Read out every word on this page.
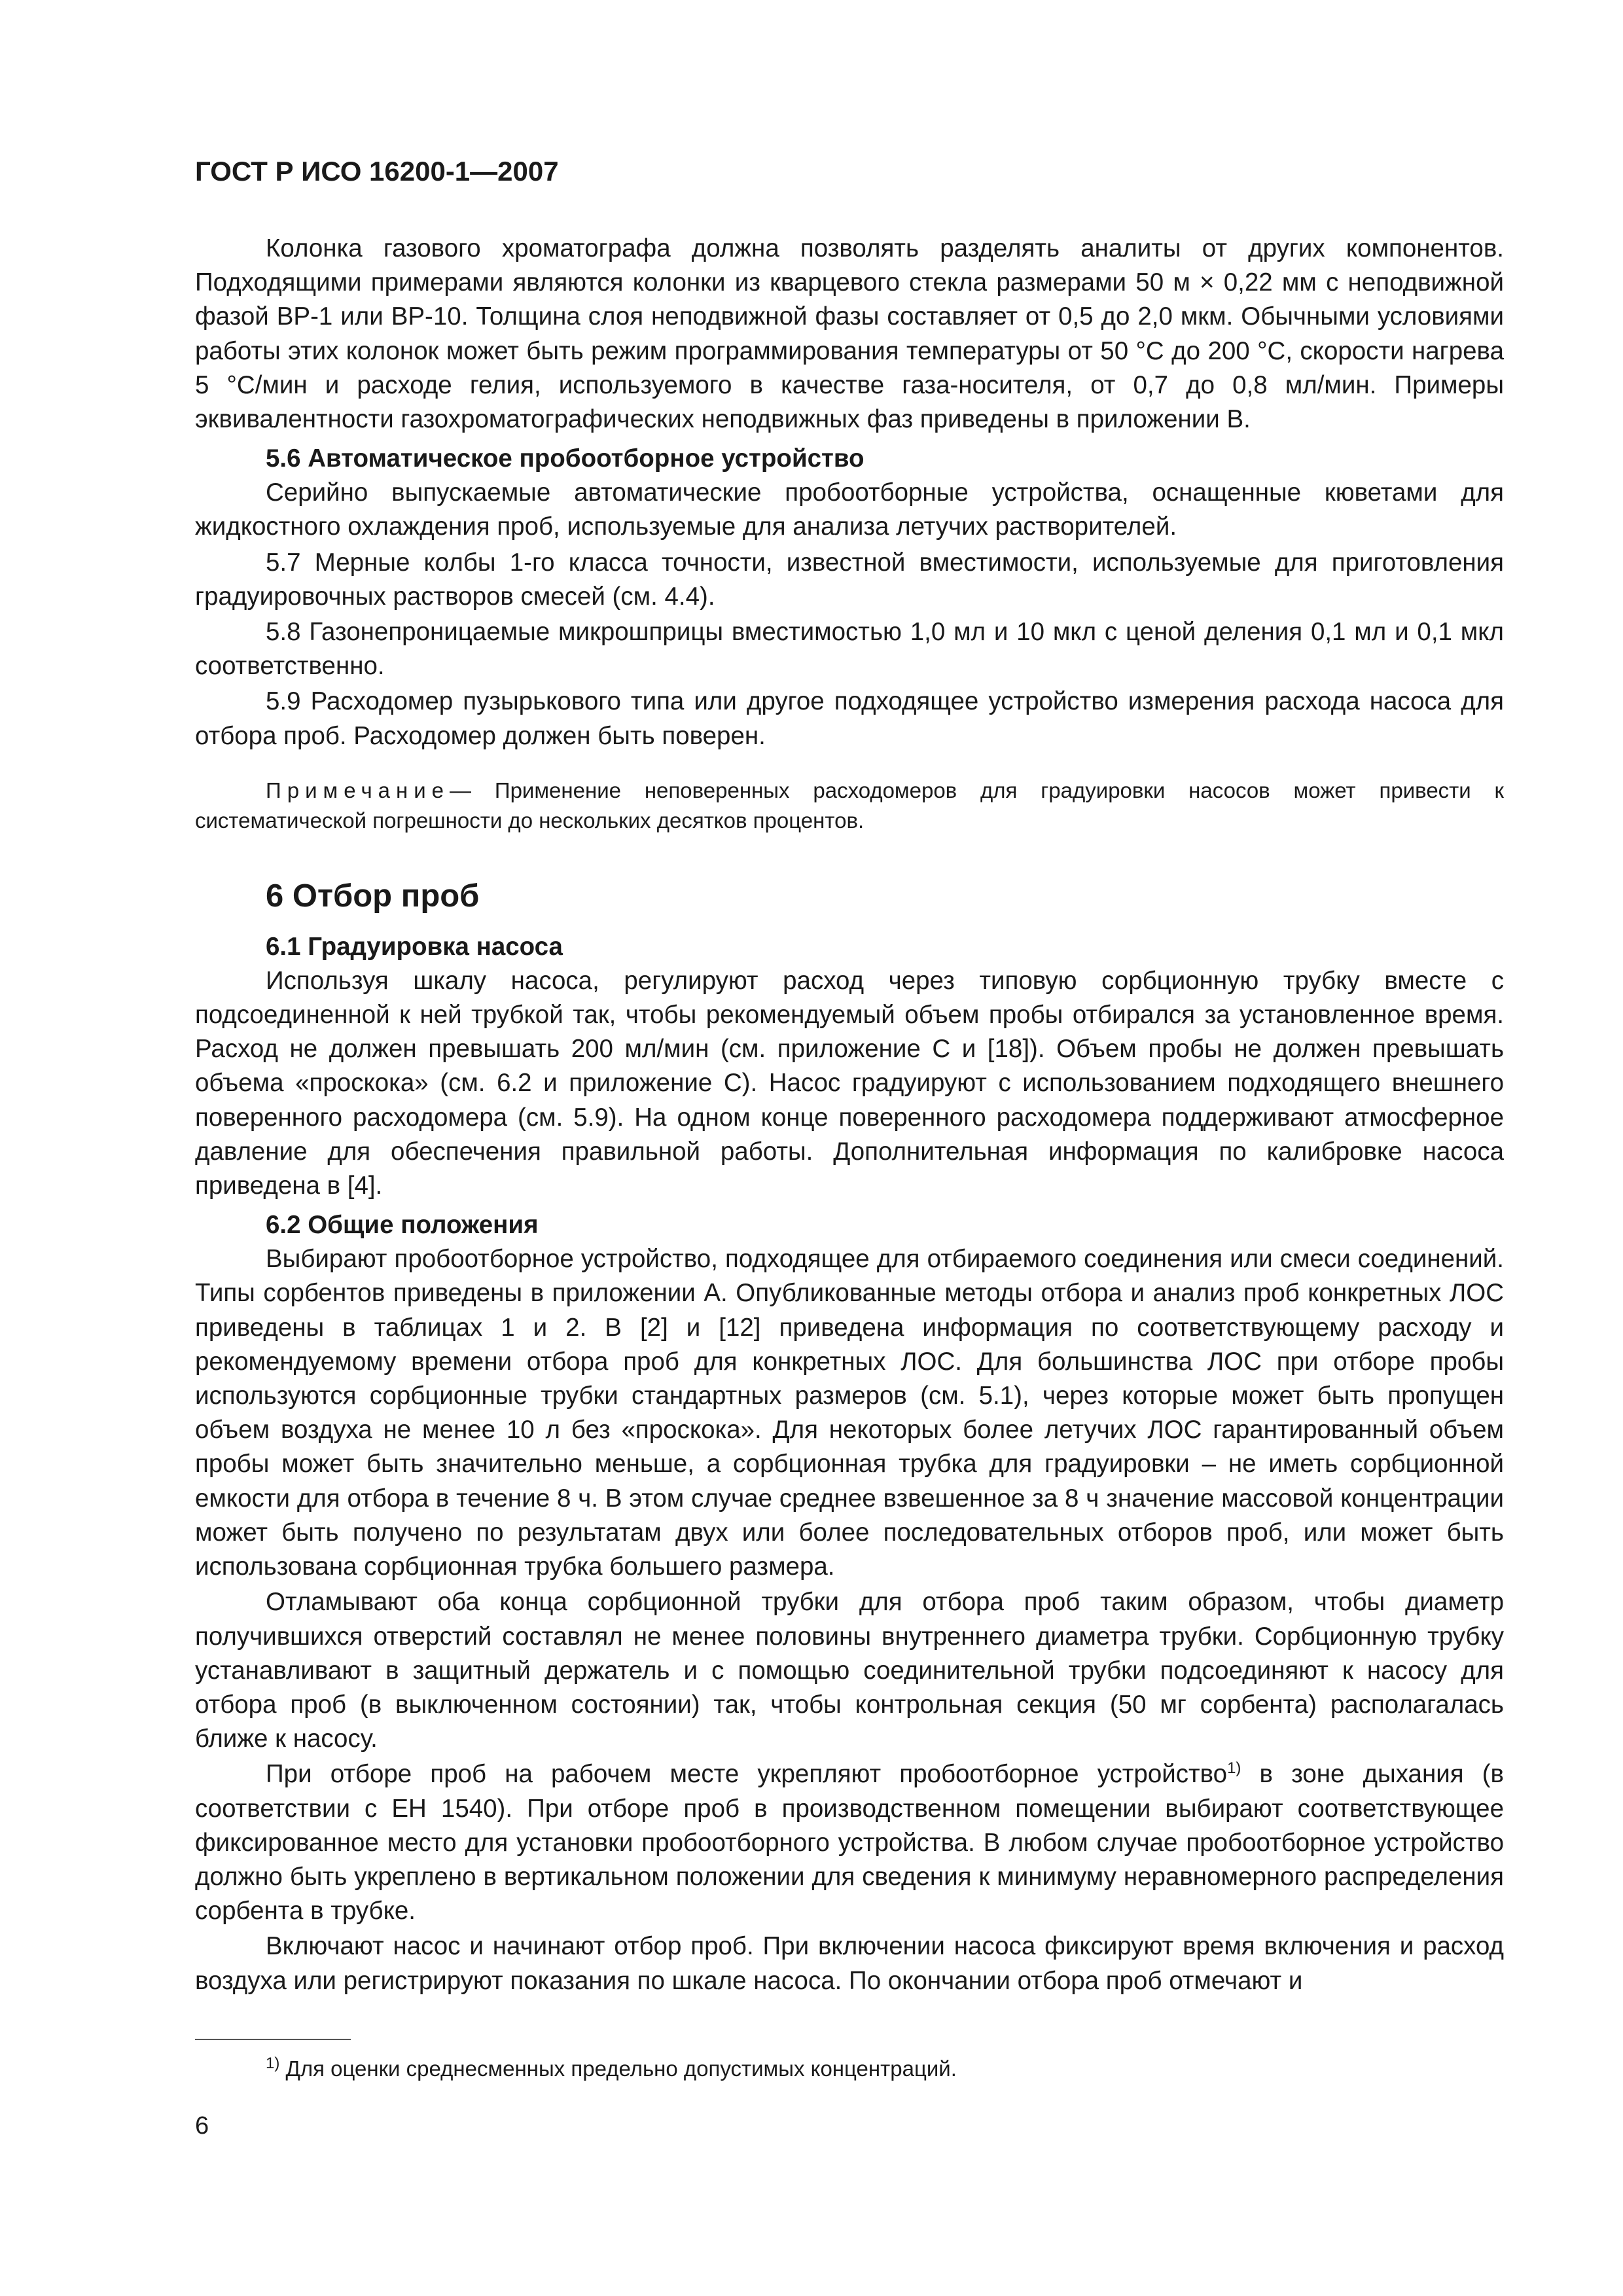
ГОСТ Р ИСО 16200-1—2007

Колонка газового хроматографа должна позволять разделять аналиты от других компонентов. Подходящими примерами являются колонки из кварцевого стекла размерами 50 м × 0,22 мм с неподвижной фазой ВР-1 или ВР-10. Толщина слоя неподвижной фазы составляет от 0,5 до 2,0 мкм. Обычными условиями работы этих колонок может быть режим программирования температуры от 50 °С до 200 °С, скорости нагрева 5 °С/мин и расходе гелия, используемого в качестве газа-носителя, от 0,7 до 0,8 мл/мин. Примеры эквивалентности газохроматографических неподвижных фаз приведены в приложении В.

5.6 Автоматическое пробоотборное устройство

Серийно выпускаемые автоматические пробоотборные устройства, оснащенные кюветами для жидкостного охлаждения проб, используемые для анализа летучих растворителей.

5.7 Мерные колбы 1-го класса точности, известной вместимости, используемые для приготовления градуировочных растворов смесей (см. 4.4).

5.8 Газонепроницаемые микрошприцы вместимостью 1,0 мл и 10 мкл с ценой деления 0,1 мл и 0,1 мкл соответственно.

5.9 Расходомер пузырькового типа или другое подходящее устройство измерения расхода насоса для отбора проб. Расходомер должен быть поверен.

Примечание— Применение неповеренных расходомеров для градуировки насосов может привести к систематической погрешности до нескольких десятков процентов.

6 Отбор проб
6.1 Градуировка насоса

Используя шкалу насоса, регулируют расход через типовую сорбционную трубку вместе с подсоединенной к ней трубкой так, чтобы рекомендуемый объем пробы отбирался за установленное время. Расход не должен превышать 200 мл/мин (см. приложение С и [18]). Объем пробы не должен превышать объема «проскока» (см. 6.2 и приложение С). Насос градуируют с использованием подходящего внешнего поверенного расходомера (см. 5.9). На одном конце поверенного расходомера поддерживают атмосферное давление для обеспечения правильной работы. Дополнительная информация по калибровке насоса приведена в [4].

6.2 Общие положения

Выбирают пробоотборное устройство, подходящее для отбираемого соединения или смеси соединений. Типы сорбентов приведены в приложении А. Опубликованные методы отбора и анализ проб конкретных ЛОС приведены в таблицах 1 и 2. В [2] и [12] приведена информация по соответствующему расходу и рекомендуемому времени отбора проб для конкретных ЛОС. Для большинства ЛОС при отборе пробы используются сорбционные трубки стандартных размеров (см. 5.1), через которые может быть пропущен объем воздуха не менее 10 л без «проскока». Для некоторых более летучих ЛОС гарантированный объем пробы может быть значительно меньше, а сорбционная трубка для градуировки – не иметь сорбционной емкости для отбора в течение 8 ч. В этом случае среднее взвешенное за 8 ч значение массовой концентрации может быть получено по результатам двух или более последовательных отборов проб, или может быть использована сорбционная трубка большего размера.

Отламывают оба конца сорбционной трубки для отбора проб таким образом, чтобы диаметр получившихся отверстий составлял не менее половины внутреннего диаметра трубки. Сорбционную трубку устанавливают в защитный держатель и с помощью соединительной трубки подсоединяют к насосу для отбора проб (в выключенном состоянии) так, чтобы контрольная секция (50 мг сорбента) располагалась ближе к насосу.

При отборе проб на рабочем месте укрепляют пробоотборное устройство$^{1)}$ в зоне дыхания (в соответствии с ЕН 1540). При отборе проб в производственном помещении выбирают соответствующее фиксированное место для установки пробоотборного устройства. В любом случае пробоотборное устройство должно быть укреплено в вертикальном положении для сведения к минимуму неравномерного распределения сорбента в трубке.

Включают насос и начинают отбор проб. При включении насоса фиксируют время включения и расход воздуха или регистрируют показания по шкале насоса. По окончании отбора проб отмечают и

$^{1)}$ Для оценки среднесменных предельно допустимых концентраций.
6
